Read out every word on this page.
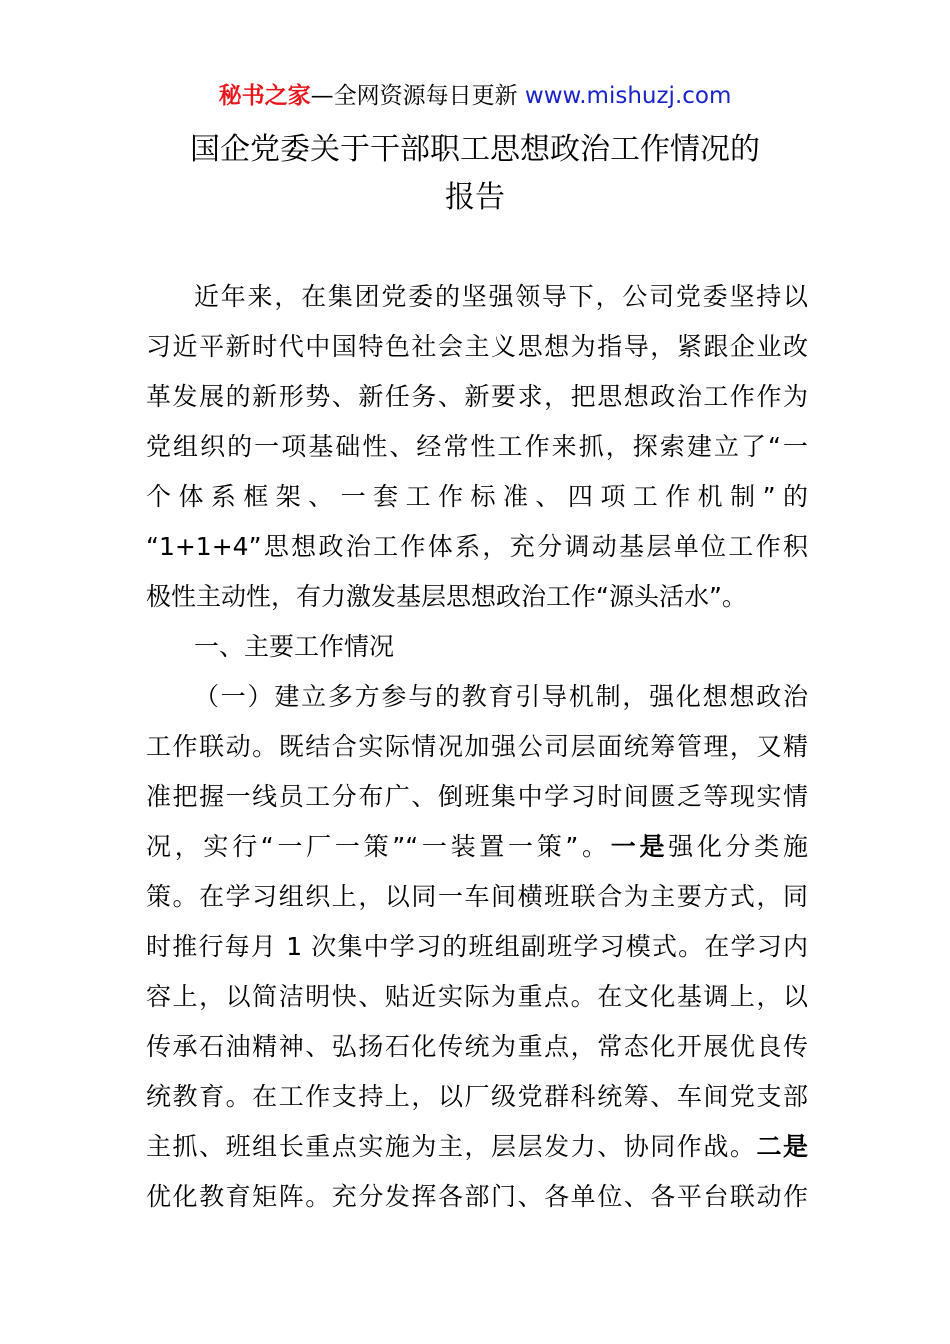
秘书之家—全网资源每日更新 www.mishuzj.com
国企党委关于干部职工思想政治工作情况的
报告
近年来，在集团党委的坚强领导下，公司党委坚持以
习近平新时代中国特色社会主义思想为指导，紧跟企业改
革发展的新形势、新任务、新要求，把思想政治工作作为
党组织的一项基础性、经常性工作来抓，探索建立了“一
个体系框架、一套工作标准、四项工作机制”的
“1+1+4”思想政治工作体系，充分调动基层单位工作积
极性主动性，有力激发基层思想政治工作“源头活水”。
一、主要工作情况
（一）建立多方参与的教育引导机制，强化想想政治
工作联动。既结合实际情况加强公司层面统筹管理，又精
准把握一线员工分布广、倒班集中学习时间匮乏等现实情
况，实行“一厂一策”“一装置一策”。一是强化分类施
策。在学习组织上，以同一车间横班联合为主要方式，同
时推行每月 1 次集中学习的班组副班学习模式。在学习内
容上，以简洁明快、贴近实际为重点。在文化基调上，以
传承石油精神、弘扬石化传统为重点，常态化开展优良传
统教育。在工作支持上，以厂级党群科统筹、车间党支部
主抓、班组长重点实施为主，层层发力、协同作战。二是
优化教育矩阵。充分发挥各部门、各单位、各平台联动作
